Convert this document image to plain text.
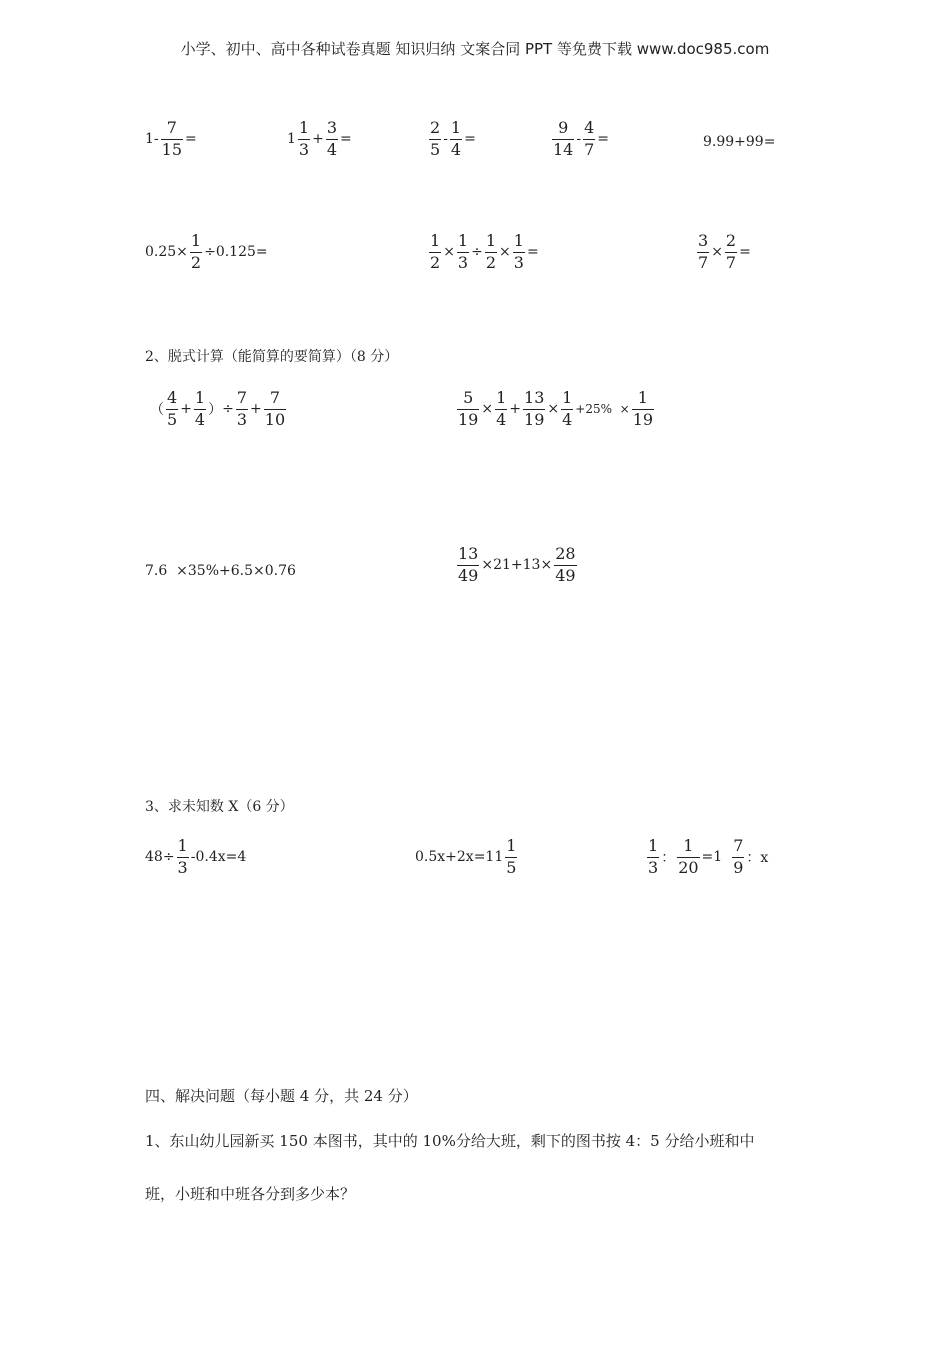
小学、初中、高中各种试卷真题 知识归纳 文案合同 PPT 等免费下载 www.doc985.com
$1- \frac{7}{15}$ =	$1 \frac{1}{3} + \frac{3}{4}$ =	$\frac{2}{5} - \frac{1}{4}$ =	$\frac{9}{14} - \frac{4}{7}$ =	9.99+99=
$0.25\times \frac{1}{2} \div 0.125=$	$\frac{1}{2} \times \frac{1}{3} \div \frac{1}{2} \times \frac{1}{3}$ =	$\frac{3}{7} \times \frac{2}{7}$ =
2、脱式计算（能简算的要简算）（8 分）
（ $\frac{4}{5} + \frac{1}{4}$ ） ÷ $\frac{7}{3} + \frac{7}{10}$	$\frac{5}{19} \times \frac{1}{4} + \frac{13}{19} \times \frac{1}{4} +25\% \times \frac{1}{19}$
7.6  ×35%+6.5×0.76	$\frac{13}{49} \times 21+13\times \frac{28}{49}$
3、求未知数 X（6 分）
$48\div \frac{1}{3} -0.4x=4$	$0.5x+2x=11 \frac{1}{5}$	$\frac{1}{3}$ ： $\frac{1}{20} =1 \frac{7}{9}$ ：x
四、解决问题（每小题 4 分，共 24 分）
1、东山幼儿园新买 150 本图书，其中的 10%分给大班，剩下的图书按 4：5 分给小班和中
班，小班和中班各分到多少本？
